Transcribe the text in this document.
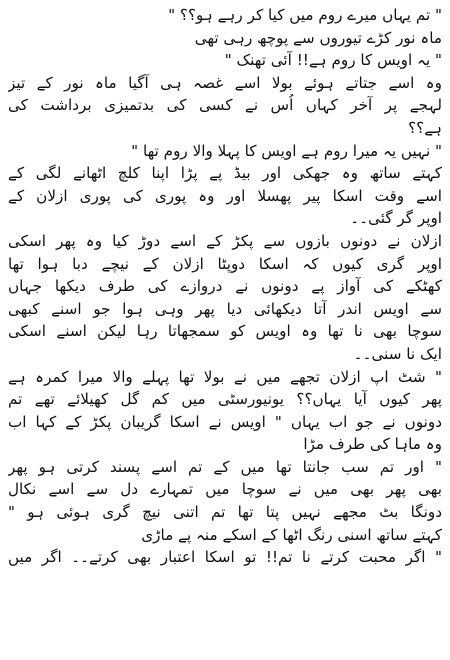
" تم یہاں میرے روم میں کیا کر رہے ہو؟؟ "
ماہ نور کڑے تیوروں سے پوچھ رہی تھی
" یہ اویس کا روم ہے!! آئی تھنک "
وہ اسے جتاتے ہوئے بولا اسے غصہ ہی آگیا ماہ نور کے تیز
لہجے پر آخر کہاں اُس نے کسی کی بدتمیزی برداشت کی
ہے؟؟
" نہیں یہ میرا روم ہے اویس کا پہلا والا روم تھا "
کہتے ساتھ وہ جھکی اور بیڈ پے پڑا اپنا کلچ اٹھانے لگی کے
اسے وقت اسکا پیر پھسلا اور وہ پوری کی پوری ازلان کے
اوپر گر گئی۔۔
ازلان نے دونوں بازوں سے پکڑ کے اسے دوڑ کیا وہ پھر اسکی
اوپر گری کیوں کہ اسکا دوپٹا ازلان کے نیچے دبا ہوا تھا
کھٹکے کی آواز پے دونوں نے دروازے کی طرف دیکھا جہاں
سے اویس اندر آتا دیکھائی دیا پھر وہی ہوا جو اسنے کبھی
سوچا بھی نا تھا وہ اویس کو سمجھاتا رہا لیکن اسنے اسکی
ایک نا سنی۔۔
" شٹ اپ ازلان تجھے میں نے بولا تھا پہلے والا میرا کمرہ ہے
پھر کیوں آیا یہاں؟؟ یونیورسٹی میں کم گل کھیلائے تھے تم
دونوں نے جو اب یہاں " اویس نے اسکا گریبان پکڑ کے کہا اب
وہ ماہا کی طرف مڑا
" اور تم سب جانتا تھا میں کے تم اسے پسند کرتی ہو پھر
بھی پھر بھی میں نے سوچا میں تمہارے دل سے اسے نکال
دونگا بٹ مجھے نہیں پتا تھا تم اتنی نیچ گری ہوئی ہو "
کہتے ساتھ اسنی رنگ اٹھا کے اسکے منہ پے ماڑی
" اگر محبت کرتے نا تم!! تو اسکا اعتبار بھی کرتے۔۔ اگر میں
